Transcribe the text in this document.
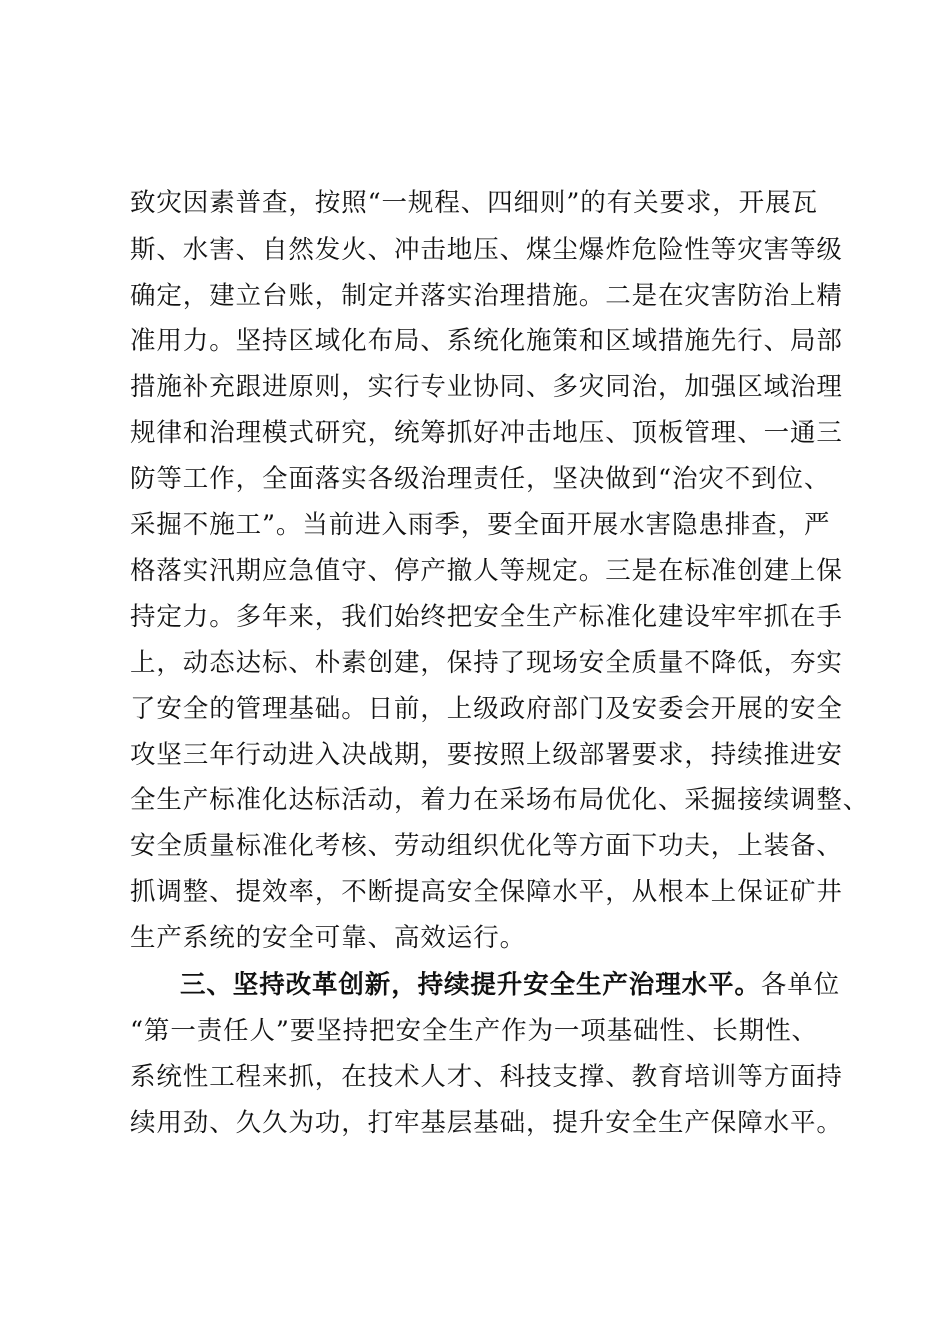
致灾因素普查，按照“一规程、四细则”的有关要求，开展瓦
斯、水害、自然发火、冲击地压、煤尘爆炸危险性等灾害等级
确定，建立台账，制定并落实治理措施。二是在灾害防治上精
准用力。坚持区域化布局、系统化施策和区域措施先行、局部
措施补充跟进原则，实行专业协同、多灾同治，加强区域治理
规律和治理模式研究，统筹抓好冲击地压、顶板管理、一通三
防等工作，全面落实各级治理责任，坚决做到“治灾不到位、
采掘不施工”。当前进入雨季，要全面开展水害隐患排查，严
格落实汛期应急值守、停产撤人等规定。三是在标准创建上保
持定力。多年来，我们始终把安全生产标准化建设牢牢抓在手
上，动态达标、朴素创建，保持了现场安全质量不降低，夯实
了安全的管理基础。日前，上级政府部门及安委会开展的安全
攻坚三年行动进入决战期，要按照上级部署要求，持续推进安
全生产标准化达标活动，着力在采场布局优化、采掘接续调整、
安全质量标准化考核、劳动组织优化等方面下功夫，上装备、
抓调整、提效率，不断提高安全保障水平，从根本上保证矿井
生产系统的安全可靠、高效运行。
三、坚持改革创新，持续提升安全生产治理水平。各单位
“第一责任人”要坚持把安全生产作为一项基础性、长期性、
系统性工程来抓，在技术人才、科技支撑、教育培训等方面持
续用劲、久久为功，打牢基层基础，提升安全生产保障水平。
